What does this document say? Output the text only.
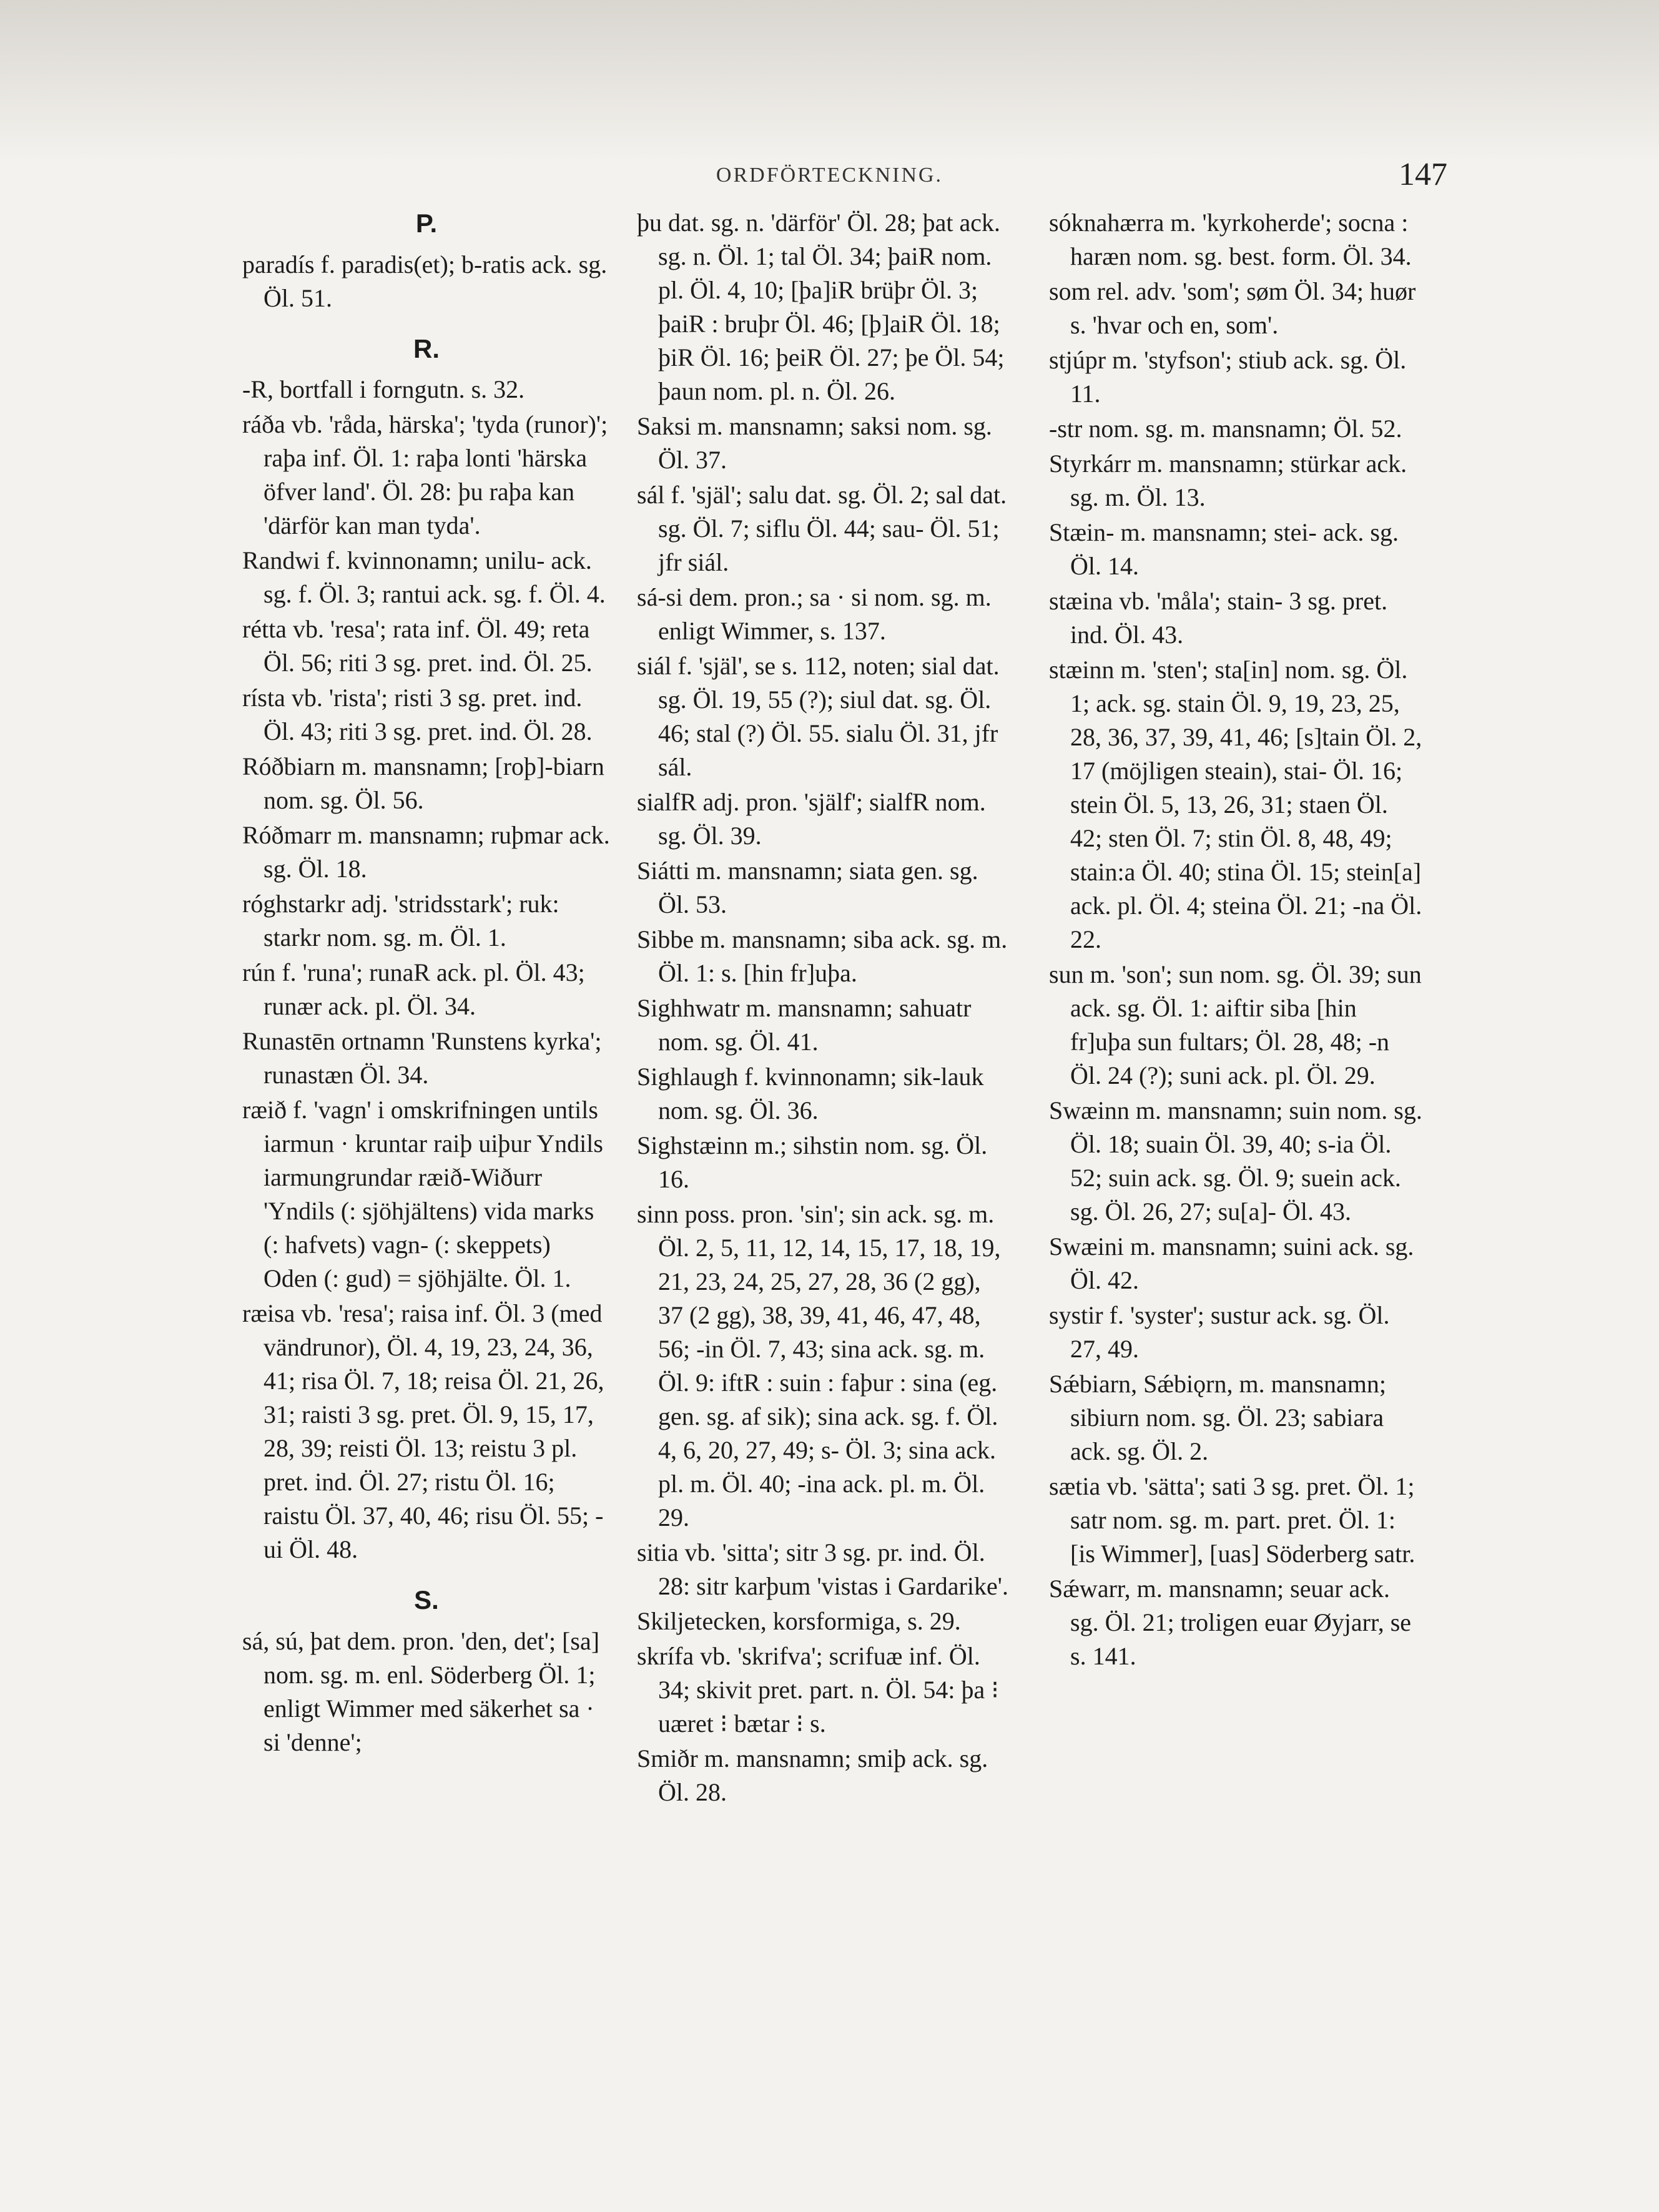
ORDFÖRTECKNING.	147
P.

paradís f. paradis(et); b-ratis ack. sg. Öl. 51.

R.

-R, bortfall i forngutn. s. 32.

ráða vb. 'råda, härska'; 'tyda (runor)'; raþa inf. Öl. 1: raþa lonti 'härska öfver land'. Öl. 28: þu raþa kan 'därför kan man tyda'.

Randwi f. kvinnonamn; unilu- ack. sg. f. Öl. 3; rantui ack. sg. f. Öl. 4.

rétta vb. 'resa'; rata inf. Öl. 49; reta Öl. 56; riti 3 sg. pret. ind. Öl. 25.

rísta vb. 'rista'; risti 3 sg. pret. ind. Öl. 43; riti 3 sg. pret. ind. Öl. 28.

Róðbiarn m. mansnamn; [roþ]-biarn nom. sg. Öl. 56.

Róðmarr m. mansnamn; ruþmar ack. sg. Öl. 18.

róghstarkr adj. 'stridsstark'; ruk: starkr nom. sg. m. Öl. 1.

rún f. 'runa'; runaR ack. pl. Öl. 43; runær ack. pl. Öl. 34.

Runastēn ortnamn 'Runstens kyrka'; runastæn Öl. 34.

ræið f. 'vagn' i omskrifningen untils iarmun · kruntar raiþ uiþur Yndils iarmungrundar ræið-Wiðurr 'Yndils (: sjöhjältens) vida marks (: hafvets) vagn- (: skeppets) Oden (: gud) = sjöhjälte. Öl. 1.

ræisa vb. 'resa'; raisa inf. Öl. 3 (med vändrunor), Öl. 4, 19, 23, 24, 36, 41; risa Öl. 7, 18; reisa Öl. 21, 26, 31; raisti 3 sg. pret. Öl. 9, 15, 17, 28, 39; reisti Öl. 13; reistu 3 pl. pret. ind. Öl. 27; ristu Öl. 16; raistu Öl. 37, 40, 46; risu Öl. 55; -ui Öl. 48.

S.

sá, sú, þat dem. pron. 'den, det'; [sa] nom. sg. m. enl. Söderberg Öl. 1; enligt Wimmer med säkerhet sa · si 'denne';

þu dat. sg. n. 'därför' Öl. 28; þat ack. sg. n. Öl. 1; tal Öl. 34; þaiR nom. pl. Öl. 4, 10; [þa]iR brüþr Öl. 3; þaiR : bruþr Öl. 46; [þ]aiR Öl. 18; þiR Öl. 16; þeiR Öl. 27; þe Öl. 54; þaun nom. pl. n. Öl. 26.

Saksi m. mansnamn; saksi nom. sg. Öl. 37.

sál f. 'själ'; salu dat. sg. Öl. 2; sal dat. sg. Öl. 7; siflu Öl. 44; sau- Öl. 51; jfr siál.

sá-si dem. pron.; sa · si nom. sg. m. enligt Wimmer, s. 137.

siál f. 'själ', se s. 112, noten; sial dat. sg. Öl. 19, 55 (?); siul dat. sg. Öl. 46; stal (?) Öl. 55. sialu Öl. 31, jfr sál.

sialfR adj. pron. 'själf'; sialfR nom. sg. Öl. 39.

Siátti m. mansnamn; siata gen. sg. Öl. 53.

Sibbe m. mansnamn; siba ack. sg. m. Öl. 1: s. [hin fr]uþa.

Sighhwatr m. mansnamn; sahuatr nom. sg. Öl. 41.

Sighlaugh f. kvinnonamn; sik-lauk nom. sg. Öl. 36.

Sighstæinn m.; sihstin nom. sg. Öl. 16.

sinn poss. pron. 'sin'; sin ack. sg. m. Öl. 2, 5, 11, 12, 14, 15, 17, 18, 19, 21, 23, 24, 25, 27, 28, 36 (2 gg), 37 (2 gg), 38, 39, 41, 46, 47, 48, 56; -in Öl. 7, 43; sina ack. sg. m. Öl. 9: iftR : suin : faþur : sina (eg. gen. sg. af sik); sina ack. sg. f. Öl. 4, 6, 20, 27, 49; s- Öl. 3; sina ack. pl. m. Öl. 40; -ina ack. pl. m. Öl. 29.

sitia vb. 'sitta'; sitr 3 sg. pr. ind. Öl. 28: sitr karþum 'vistas i Gardarike'.

Skiljetecken, korsformiga, s. 29.

skrífa vb. 'skrifva'; scrifuæ inf. Öl. 34; skivit pret. part. n. Öl. 54: þa ⁝ uæret ⁝ bætar ⁝ s.

Smiðr m. mansnamn; smiþ ack. sg. Öl. 28.

sóknahærra m. 'kyrkoherde'; socna : haræn nom. sg. best. form. Öl. 34.

som rel. adv. 'som'; søm Öl. 34; huør s. 'hvar och en, som'.

stjúpr m. 'styfson'; stiub ack. sg. Öl. 11.

-str nom. sg. m. mansnamn; Öl. 52.

Styrkárr m. mansnamn; stürkar ack. sg. m. Öl. 13.

Stæin- m. mansnamn; stei- ack. sg. Öl. 14.

stæina vb. 'måla'; stain- 3 sg. pret. ind. Öl. 43.

stæinn m. 'sten'; sta[in] nom. sg. Öl. 1; ack. sg. stain Öl. 9, 19, 23, 25, 28, 36, 37, 39, 41, 46; [s]tain Öl. 2, 17 (möjligen steain), stai- Öl. 16; stein Öl. 5, 13, 26, 31; staen Öl. 42; sten Öl. 7; stin Öl. 8, 48, 49; stain:a Öl. 40; stina Öl. 15; stein[a] ack. pl. Öl. 4; steina Öl. 21; -na Öl. 22.

sun m. 'son'; sun nom. sg. Öl. 39; sun ack. sg. Öl. 1: aiftir siba [hin fr]uþa sun fultars; Öl. 28, 48; -n Öl. 24 (?); suni ack. pl. Öl. 29.

Swæinn m. mansnamn; suin nom. sg. Öl. 18; suain Öl. 39, 40; s-ia Öl. 52; suin ack. sg. Öl. 9; suein ack. sg. Öl. 26, 27; su[a]- Öl. 43.

Swæini m. mansnamn; suini ack. sg. Öl. 42.

systir f. 'syster'; sustur ack. sg. Öl. 27, 49.

Sǽbiarn, Sǽbiǫrn, m. mansnamn; sibiurn nom. sg. Öl. 23; sabiara ack. sg. Öl. 2.

sætia vb. 'sätta'; sati 3 sg. pret. Öl. 1; satr nom. sg. m. part. pret. Öl. 1: [is Wimmer], [uas] Söderberg satr.

Sǽwarr, m. mansnamn; seuar ack. sg. Öl. 21; troligen euar Øyjarr, se s. 141.
